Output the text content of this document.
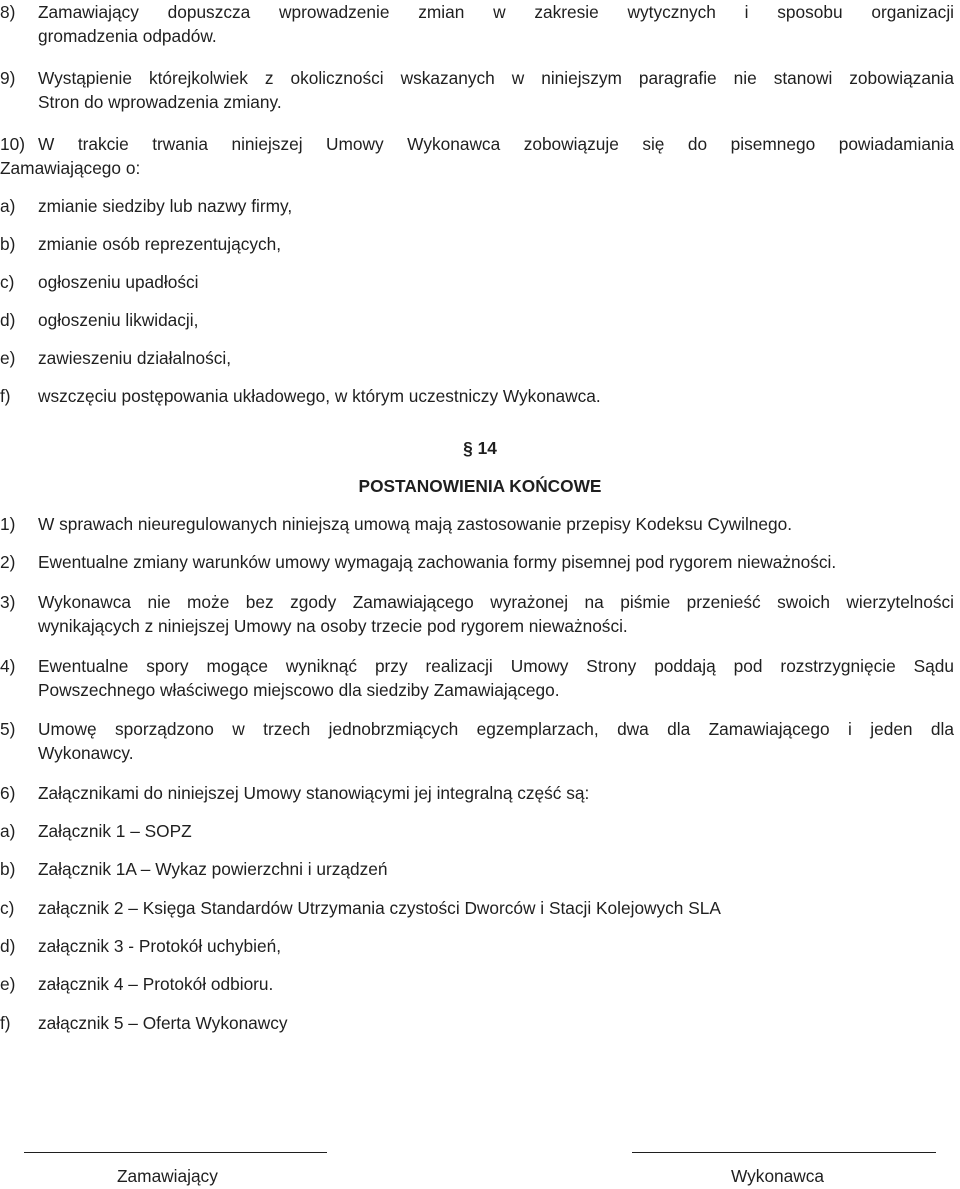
8) Zamawiający dopuszcza wprowadzenie zmian w zakresie wytycznych i sposobu organizacji
gromadzenia odpadów.
9) Wystąpienie którejkolwiek z okoliczności wskazanych w niniejszym paragrafie nie stanowi zobowiązania
Stron do wprowadzenia zmiany.
10) W trakcie trwania niniejszej Umowy Wykonawca zobowiązuje się do pisemnego powiadamiania
Zamawiającego o:
a) zmianie siedziby lub nazwy firmy,
b) zmianie osób reprezentujących,
c) ogłoszeniu upadłości
d) ogłoszeniu likwidacji,
e) zawieszeniu działalności,
f) wszczęciu postępowania układowego, w którym uczestniczy Wykonawca.
§ 14
POSTANOWIENIA KOŃCOWE
1)	W sprawach nieuregulowanych niniejszą umową mają zastosowanie przepisy Kodeksu Cywilnego.
2)	Ewentualne zmiany warunków umowy wymagają zachowania formy pisemnej pod rygorem nieważności.
3)	Wykonawca nie może bez zgody Zamawiającego wyrażonej na piśmie przenieść swoich wierzytelności
wynikających z niniejszej Umowy na osoby trzecie pod rygorem nieważności.
4)	Ewentualne spory mogące wyniknąć przy realizacji Umowy Strony poddają pod rozstrzygnięcie Sądu
Powszechnego właściwego miejscowo dla siedziby Zamawiającego.
5)	Umowę sporządzono w trzech jednobrzmiących egzemplarzach, dwa dla Zamawiającego i jeden dla
Wykonawcy.
6)	Załącznikami do niniejszej Umowy stanowiącymi jej integralną część są:
a) Załącznik 1 – SOPZ
b) Załącznik 1A – Wykaz powierzchni i urządzeń
c) załącznik 2 – Księga Standardów Utrzymania czystości Dworców i Stacji Kolejowych SLA
d) załącznik 3 - Protokół uchybień,
e) załącznik 4 – Protokół odbioru.
f) załącznik 5 – Oferta Wykonawcy
Zamawiający	Wykonawca
